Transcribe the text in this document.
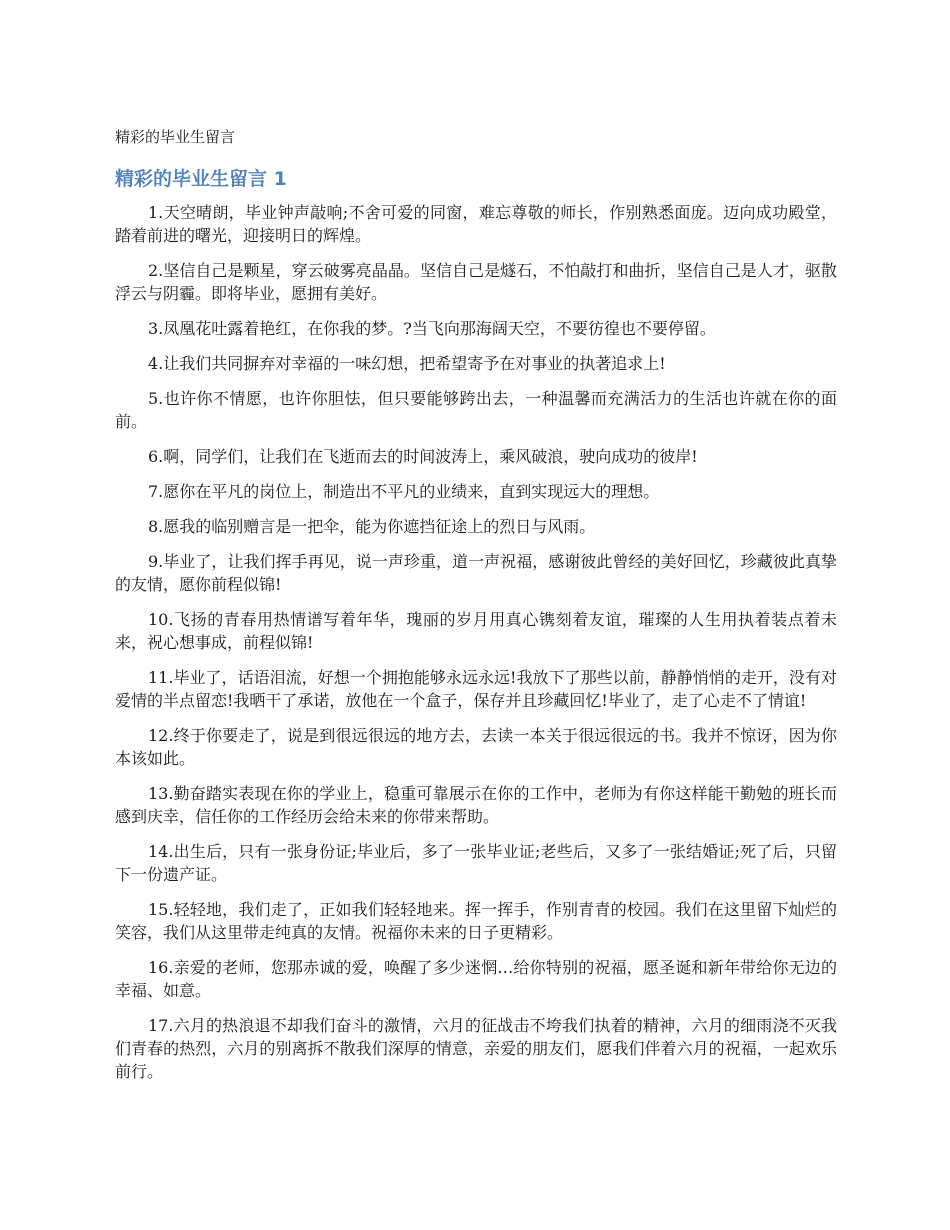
精彩的毕业生留言
精彩的毕业生留言 1

1.天空晴朗，毕业钟声敲响;不舍可爱的同窗，难忘尊敬的师长，作别熟悉面庞。迈向成功殿堂，踏着前进的曙光，迎接明日的辉煌。

2.坚信自己是颗星，穿云破雾亮晶晶。坚信自己是燧石，不怕敲打和曲折，坚信自己是人才，驱散浮云与阴霾。即将毕业，愿拥有美好。

3.凤凰花吐露着艳红，在你我的梦。?当飞向那海阔天空，不要彷徨也不要停留。

4.让我们共同摒弃对幸福的一味幻想，把希望寄予在对事业的执著追求上!

5.也许你不情愿，也许你胆怯，但只要能够跨出去，一种温馨而充满活力的生活也许就在你的面前。

6.啊，同学们，让我们在飞逝而去的时间波涛上，乘风破浪，驶向成功的彼岸!

7.愿你在平凡的岗位上，制造出不平凡的业绩来，直到实现远大的理想。

8.愿我的临别赠言是一把伞，能为你遮挡征途上的烈日与风雨。

9.毕业了，让我们挥手再见，说一声珍重，道一声祝福，感谢彼此曾经的美好回忆，珍藏彼此真挚的友情，愿你前程似锦!

10.飞扬的青春用热情谱写着年华，瑰丽的岁月用真心镌刻着友谊，璀璨的人生用执着装点着未来，祝心想事成，前程似锦!

11.毕业了，话语泪流，好想一个拥抱能够永远永远!我放下了那些以前，静静悄悄的走开，没有对爱情的半点留恋!我晒干了承诺，放他在一个盒子，保存并且珍藏回忆!毕业了，走了心走不了情谊!

12.终于你要走了，说是到很远很远的地方去，去读一本关于很远很远的书。我并不惊讶，因为你本该如此。

13.勤奋踏实表现在你的学业上，稳重可靠展示在你的工作中，老师为有你这样能干勤勉的班长而感到庆幸，信任你的工作经历会给未来的你带来帮助。

14.出生后，只有一张身份证;毕业后，多了一张毕业证;老些后，又多了一张结婚证;死了后，只留下一份遗产证。

15.轻轻地，我们走了，正如我们轻轻地来。挥一挥手，作别青青的校园。我们在这里留下灿烂的笑容，我们从这里带走纯真的友情。祝福你未来的日子更精彩。

16.亲爱的老师，您那赤诚的爱，唤醒了多少迷惘…给你特别的祝福，愿圣诞和新年带给你无边的幸福、如意。

17.六月的热浪退不却我们奋斗的激情，六月的征战击不垮我们执着的精神，六月的细雨浇不灭我们青春的热烈，六月的别离拆不散我们深厚的情意，亲爱的朋友们，愿我们伴着六月的祝福，一起欢乐前行。
